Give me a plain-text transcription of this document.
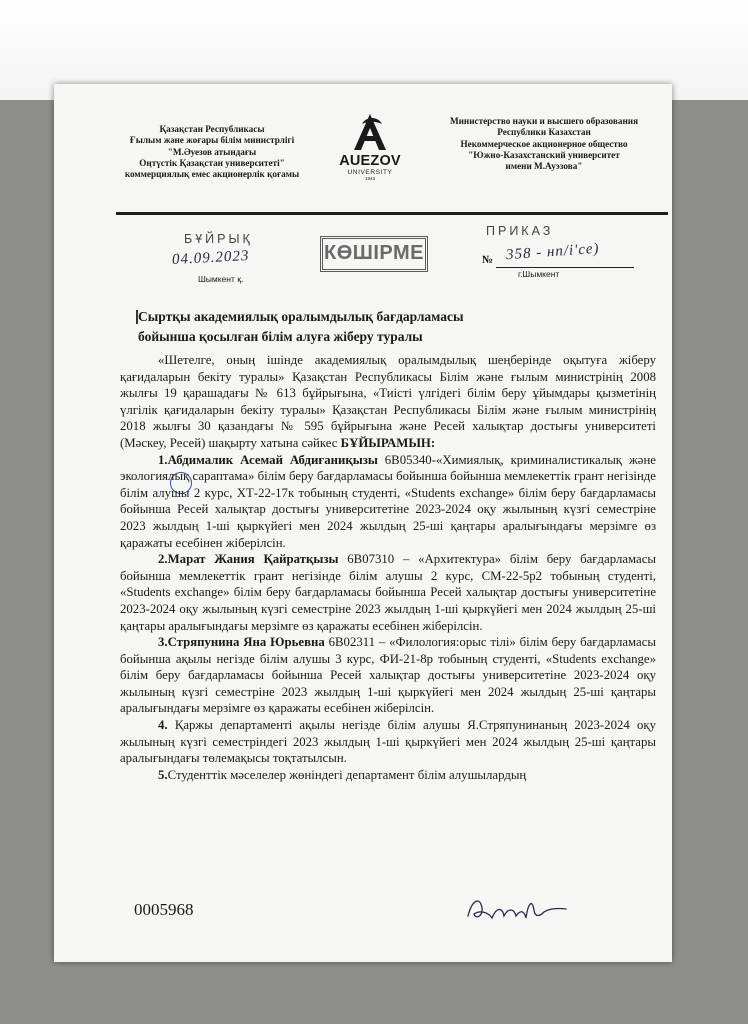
Қазақстан Республикасы
Ғылым және жоғары білім министрлігі
"М.Әуезов атындағы
Оңтүстік Қазақстан университеті"
коммерциялық емес акционерлік қоғамы
AUEZOV
UNIVERSITY
1943
Министерство науки и высшего образования
Республики Казахстан
Некоммерческое акционерное общество
"Южно-Казахстанский университет
имени М.Ауэзова"
БҰЙРЫҚ
04.09.2023
Шымкент қ.
КӨШІРМЕ
ПРИКАЗ
№ 358 - нп/і'се)
г.Шымкент
Сыртқы академиялық оралымдылық бағдарламасы
бойынша қосылған білім алуға жіберу туралы

«Шетелге, оның ішінде академиялық оралымдылық шеңберінде оқытуға жіберу қағидаларын бекіту туралы» Қазақстан Республикасы Білім және ғылым министрінің 2008 жылғы 19 қарашадағы № 613 бұйрығына, «Тиісті үлгідегі білім беру ұйымдары қызметінің үлгілік қағидаларын бекіту туралы» Қазақстан Республикасы Білім және ғылым министрінің 2018 жылғы 30 қазандағы № 595 бұйрығына және Ресей халықтар достығы университеті (Мәскеу, Ресей) шақырту хатына сәйкес БҰЙЫРАМЫН:

1.Абдималик Асемай Абдиғаниқызы 6В05340-«Химиялық, криминалистикалық және экологиялық сараптама» білім беру бағдарламасы бойынша бойынша мемлекеттік грант негізінде білім алушы 2 курс, ХТ-22-17к тобының студенті, «Students exchange» білім беру бағдарламасы бойынша Ресей халықтар достығы университетіне 2023-2024 оқу жылының күзгі семестріне 2023 жылдың 1-ші қыркүйегі мен 2024 жылдың 25-ші қаңтары аралығындағы мерзімге өз қаражаты есебінен жіберілсін.

2.Марат Жания Қайратқызы 6В07310 – «Архитектура» білім беру бағдарламасы бойынша мемлекеттік грант негізінде білім алушы 2 курс, СМ-22-5р2 тобының студенті, «Students exchange» білім беру бағдарламасы бойынша Ресей халықтар достығы университетіне 2023-2024 оқу жылының күзгі семестріне 2023 жылдың 1-ші қыркүйегі мен 2024 жылдың 25-ші қаңтары аралығындағы мерзімге өз қаражаты есебінен жіберілсін.

3.Стряпунина Яна Юрьевна 6В02311 – «Филология:орыс тілі» білім беру бағдарламасы бойынша ақылы негізде білім алушы 3 курс, ФИ-21-8р тобының студенті, «Students exchange» білім беру бағдарламасы бойынша Ресей халықтар достығы университетіне 2023-2024 оқу жылының күзгі семестріне 2023 жылдың 1-ші қыркүйегі мен 2024 жылдың 25-ші қаңтары аралығындағы мерзімге өз қаражаты есебінен жіберілсін.

4. Қаржы департаменті ақылы негізде білім алушы Я.Стряпунинаның 2023-2024 оқу жылының күзгі семестріндегі 2023 жылдың 1-ші қыркүйегі мен 2024 жылдың 25-ші қаңтары аралығындағы төлемақысы тоқтатылсын.

5.Студенттік мәселелер жөніндегі департамент білім алушылардың

0005968
